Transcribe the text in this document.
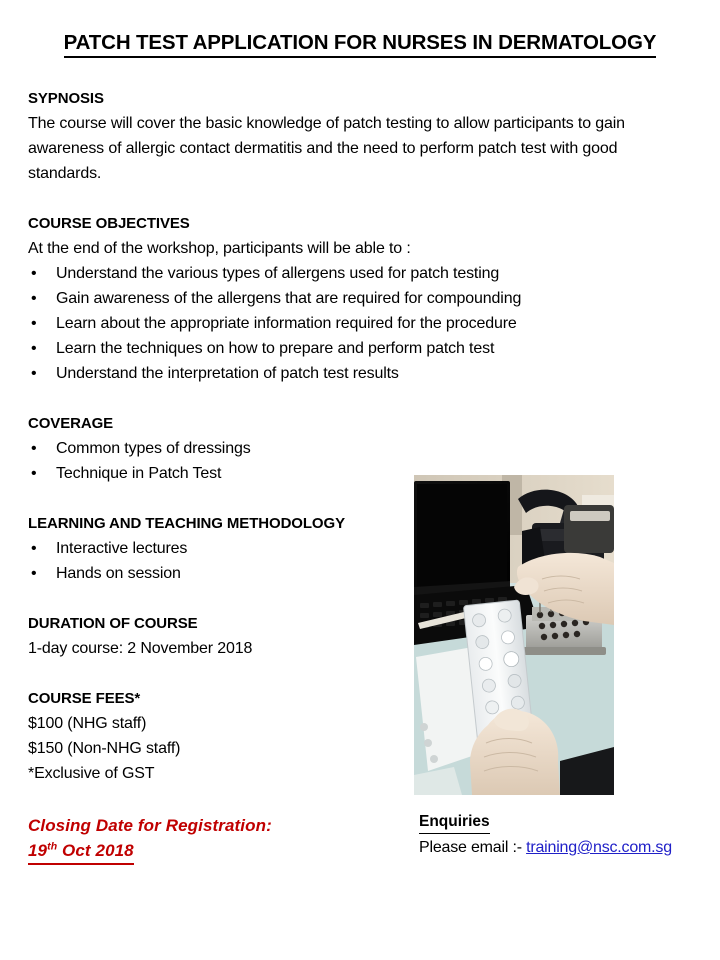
PATCH TEST APPLICATION FOR NURSES IN DERMATOLOGY
SYPNOSIS
The course will cover the basic knowledge of patch testing to allow participants to gain awareness of allergic contact dermatitis and the need to perform patch test with good standards.
COURSE OBJECTIVES
At the end of the workshop, participants will be able to :
• Understand the various types of allergens used for patch testing
• Gain awareness of the allergens that are required for compounding
• Learn about the appropriate information required for the procedure
• Learn the techniques on how to prepare and perform patch test
• Understand the interpretation of patch test results
COVERAGE
• Common types of dressings
• Technique in Patch Test
LEARNING AND TEACHING METHODOLOGY
• Interactive lectures
• Hands on session
DURATION OF COURSE
1-day course: 2 November 2018
COURSE FEES*
$100 (NHG staff)
$150 (Non-NHG staff)
*Exclusive of GST
Closing Date for Registration:
19th Oct 2018
Enquiries
Please email :- training@nsc.com.sg
